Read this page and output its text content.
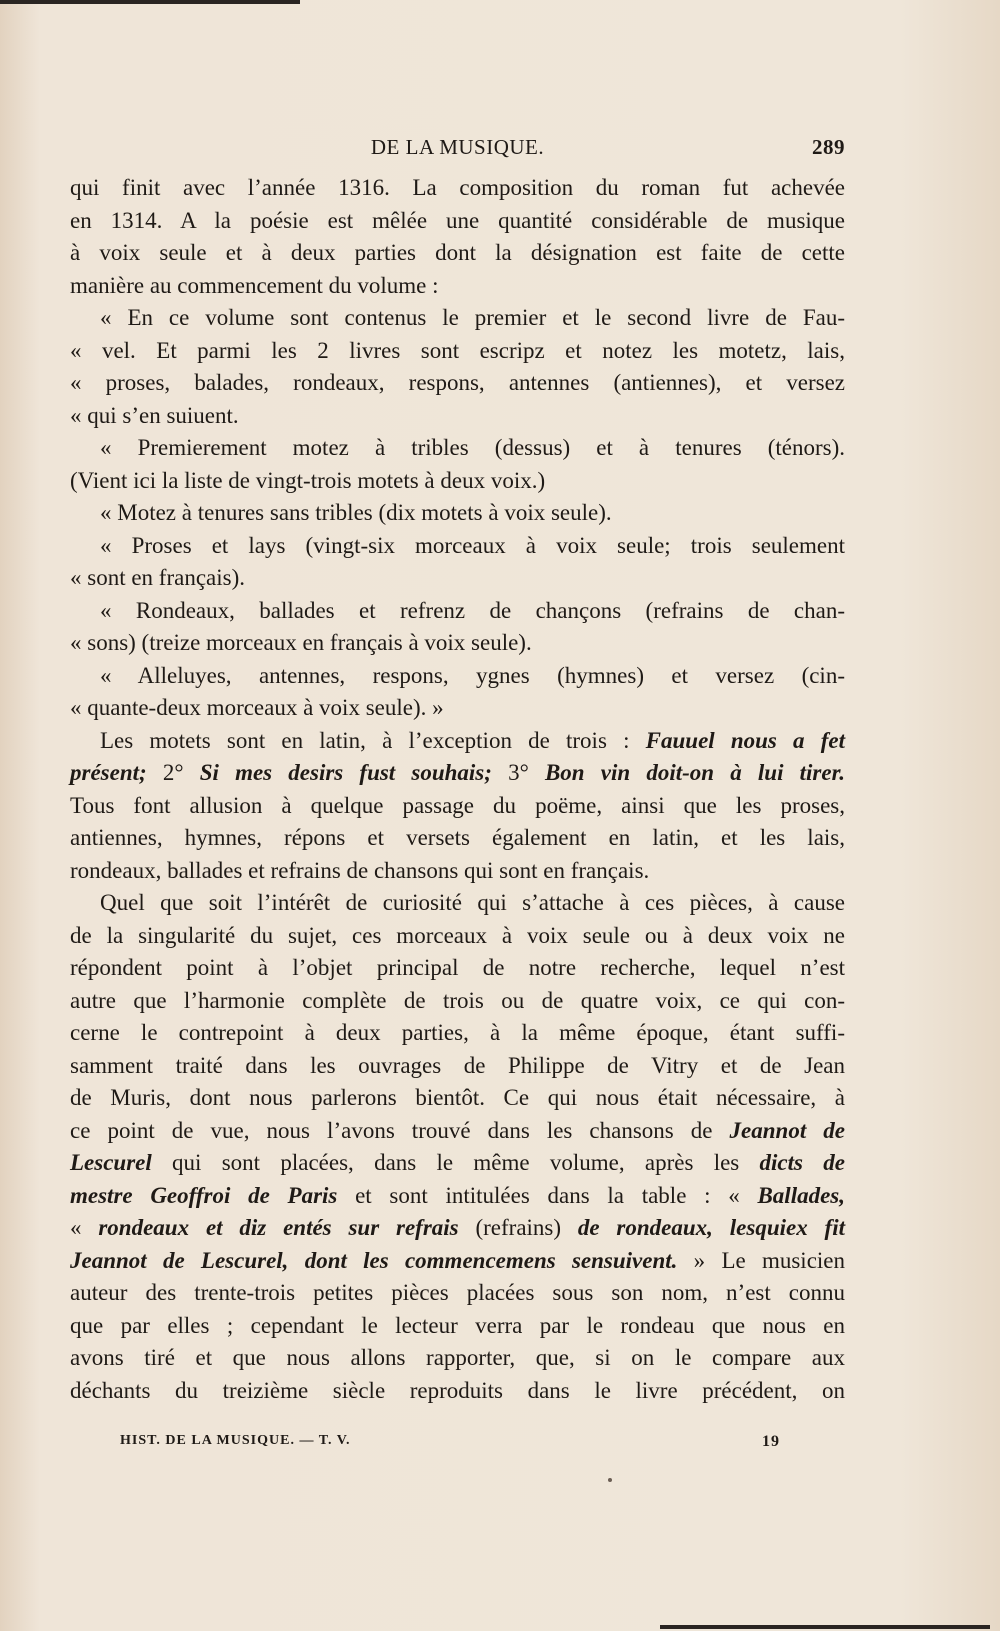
DE LA MUSIQUE.	289
qui finit avec l’année 1316. La composition du roman fut achevée
en 1314. A la poésie est mêlée une quantité considérable de musique
à voix seule et à deux parties dont la désignation est faite de cette
manière au commencement du volume :
« En ce volume sont contenus le premier et le second livre de Fau-
« vel. Et parmi les 2 livres sont escripz et notez les motetz, lais,
« proses, balades, rondeaux, respons, antennes (antiennes), et versez
« qui s’en suiuent.
« Premierement motez à tribles (dessus) et à tenures (ténors).
(Vient ici la liste de vingt-trois motets à deux voix.)
« Motez à tenures sans tribles (dix motets à voix seule).
« Proses et lays (vingt-six morceaux à voix seule; trois seulement
« sont en français).
« Rondeaux, ballades et refrenz de chançons (refrains de chan-
« sons) (treize morceaux en français à voix seule).
« Alleluyes, antennes, respons, ygnes (hymnes) et versez (cin-
« quante-deux morceaux à voix seule). »
Les motets sont en latin, à l’exception de trois : Fauuel nous a fet
présent; 2° Si mes desirs fust souhais; 3° Bon vin doit-on à lui tirer.
Tous font allusion à quelque passage du poëme, ainsi que les proses,
antiennes, hymnes, répons et versets également en latin, et les lais,
rondeaux, ballades et refrains de chansons qui sont en français.
Quel que soit l’intérêt de curiosité qui s’attache à ces pièces, à cause
de la singularité du sujet, ces morceaux à voix seule ou à deux voix ne
répondent point à l’objet principal de notre recherche, lequel n’est
autre que l’harmonie complète de trois ou de quatre voix, ce qui con-
cerne le contrepoint à deux parties, à la même époque, étant suffi-
samment traité dans les ouvrages de Philippe de Vitry et de Jean
de Muris, dont nous parlerons bientôt. Ce qui nous était nécessaire, à
ce point de vue, nous l’avons trouvé dans les chansons de Jeannot de
Lescurel qui sont placées, dans le même volume, après les dicts de
mestre Geoffroi de Paris et sont intitulées dans la table : « Ballades,
« rondeaux et diz entés sur refrais (refrains) de rondeaux, lesquiex fit
Jeannot de Lescurel, dont les commencemens sensuivent. » Le musicien
auteur des trente-trois petites pièces placées sous son nom, n’est connu
que par elles ; cependant le lecteur verra par le rondeau que nous en
avons tiré et que nous allons rapporter, que, si on le compare aux
déchants du treizième siècle reproduits dans le livre précédent, on
HIST. DE LA MUSIQUE. — T. V.	19
